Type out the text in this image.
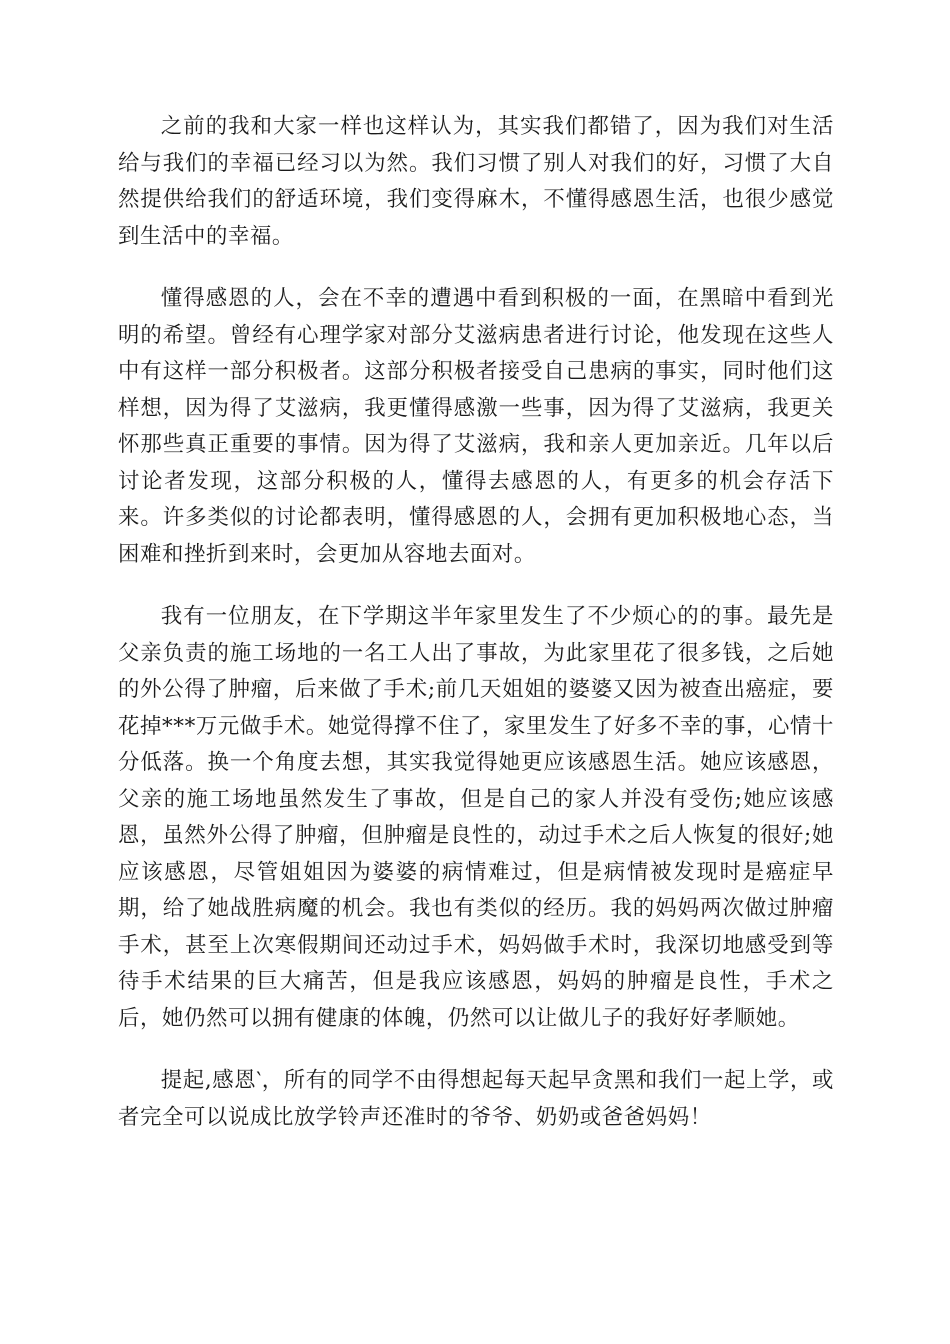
之前的我和大家一样也这样认为，其实我们都错了，因为我们对生活给与我们的幸福已经习以为然。我们习惯了别人对我们的好，习惯了大自然提供给我们的舒适环境，我们变得麻木，不懂得感恩生活，也很少感觉到生活中的幸福。

懂得感恩的人，会在不幸的遭遇中看到积极的一面，在黑暗中看到光明的希望。曾经有心理学家对部分艾滋病患者进行讨论，他发现在这些人中有这样一部分积极者。这部分积极者接受自己患病的事实，同时他们这样想，因为得了艾滋病，我更懂得感激一些事，因为得了艾滋病，我更关怀那些真正重要的事情。因为得了艾滋病，我和亲人更加亲近。几年以后讨论者发现，这部分积极的人，懂得去感恩的人，有更多的机会存活下来。许多类似的讨论都表明，懂得感恩的人，会拥有更加积极地心态，当困难和挫折到来时，会更加从容地去面对。

我有一位朋友，在下学期这半年家里发生了不少烦心的的事。最先是父亲负责的施工场地的一名工人出了事故，为此家里花了很多钱，之后她的外公得了肿瘤，后来做了手术;前几天姐姐的婆婆又因为被查出癌症，要花掉***万元做手术。她觉得撑不住了，家里发生了好多不幸的事，心情十分低落。换一个角度去想，其实我觉得她更应该感恩生活。她应该感恩，父亲的施工场地虽然发生了事故，但是自己的家人并没有受伤;她应该感恩，虽然外公得了肿瘤，但肿瘤是良性的，动过手术之后人恢复的很好;她应该感恩，尽管姐姐因为婆婆的病情难过，但是病情被发现时是癌症早期，给了她战胜病魔的机会。我也有类似的经历。我的妈妈两次做过肿瘤手术，甚至上次寒假期间还动过手术，妈妈做手术时，我深切地感受到等待手术结果的巨大痛苦，但是我应该感恩，妈妈的肿瘤是良性，手术之后，她仍然可以拥有健康的体魄，仍然可以让做儿子的我好好孝顺她。

提起,感恩‵，所有的同学不由得想起每天起早贪黑和我们一起上学，或者完全可以说成比放学铃声还准时的爷爷、奶奶或爸爸妈妈！
